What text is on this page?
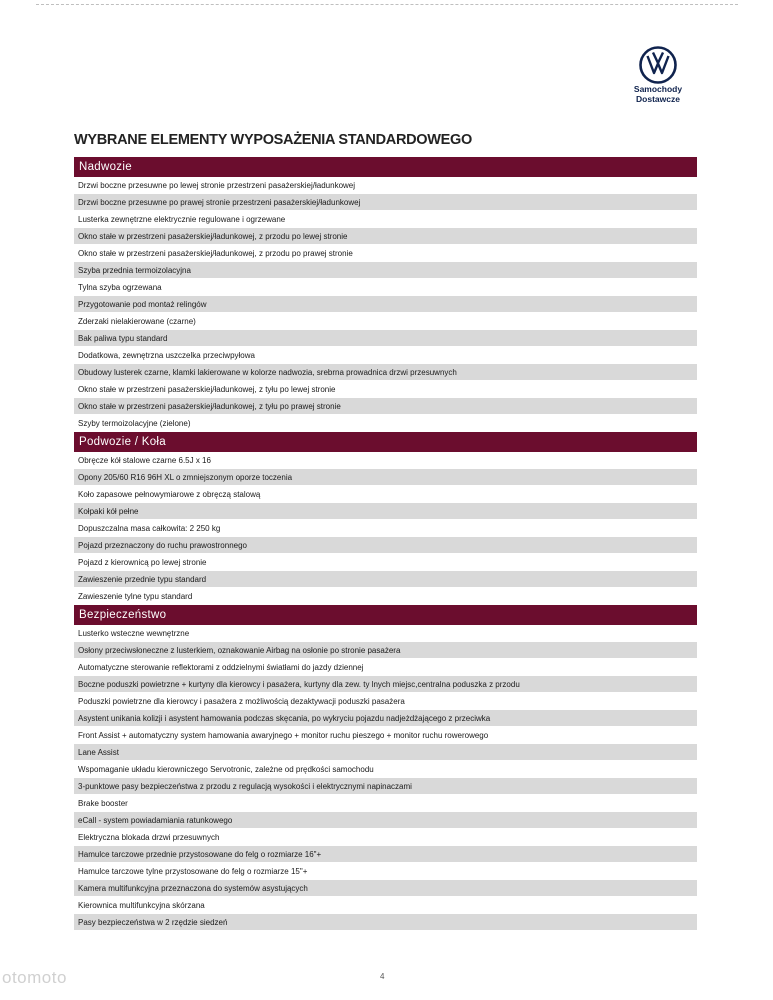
Samochody
Dostawcze
WYBRANE ELEMENTY WYPOSAŻENIA STANDARDOWEGO
Nadwozie
Drzwi boczne przesuwne po lewej stronie przestrzeni pasażerskiej/ładunkowej
Drzwi boczne przesuwne po prawej stronie przestrzeni pasażerskiej/ładunkowej
Lusterka zewnętrzne elektrycznie regulowane i ogrzewane
Okno stałe w przestrzeni pasażerskiej/ładunkowej, z przodu po lewej stronie
Okno stałe w przestrzeni pasażerskiej/ładunkowej, z przodu po prawej stronie
Szyba przednia termoizolacyjna
Tylna szyba ogrzewana
Przygotowanie pod montaż relingów
Zderzaki nielakierowane (czarne)
Bak paliwa typu standard
Dodatkowa, zewnętrzna uszczelka przeciwpyłowa
Obudowy lusterek czarne, klamki lakierowane w kolorze nadwozia, srebrna prowadnica drzwi przesuwnych
Okno stałe w przestrzeni pasażerskiej/ładunkowej, z tyłu po lewej stronie
Okno stałe w przestrzeni pasażerskiej/ładunkowej, z tyłu po prawej stronie
Szyby termoizolacyjne (zielone)
Podwozie / Koła
Obręcze kół stalowe czarne 6.5J x 16
Opony 205/60 R16 96H XL o zmniejszonym oporze toczenia
Koło zapasowe pełnowymiarowe z obręczą stalową
Kołpaki kół pełne
Dopuszczalna masa całkowita: 2 250 kg
Pojazd przeznaczony do ruchu prawostronnego
Pojazd z kierownicą po lewej stronie
Zawieszenie przednie typu standard
Zawieszenie tylne typu standard
Bezpieczeństwo
Lusterko wsteczne wewnętrzne
Osłony przeciwsłoneczne z lusterkiem, oznakowanie Airbag na osłonie po stronie pasażera
Automatyczne sterowanie reflektorami z oddzielnymi światłami do jazdy dziennej
Boczne poduszki powietrzne + kurtyny dla kierowcy i pasażera, kurtyny dla zew. ty lnych miejsc,centralna poduszka z przodu
Poduszki powietrzne dla kierowcy i pasażera z możliwością dezaktywacji poduszki pasażera
Asystent unikania kolizji i asystent hamowania podczas skęcania, po wykryciu pojazdu nadjeżdżającego z przeciwka
Front Assist + automatyczny system hamowania awaryjnego + monitor ruchu pieszego + monitor ruchu rowerowego
Lane Assist
Wspomaganie układu kierowniczego Servotronic, zależne od prędkości samochodu
3-punktowe pasy bezpieczeństwa z przodu z regulacją wysokości i elektrycznymi napinaczami
Brake booster
eCall - system powiadamiania ratunkowego
Elektryczna blokada drzwi przesuwnych
Hamulce tarczowe przednie przystosowane do felg o rozmiarze 16"+
Hamulce tarczowe tylne przystosowane do felg o rozmiarze 15"+
Kamera multifunkcyjna przeznaczona do systemów asystujących
Kierownica multifunkcyjna skórzana
Pasy bezpieczeństwa w 2 rzędzie siedzeń
otomoto	4
